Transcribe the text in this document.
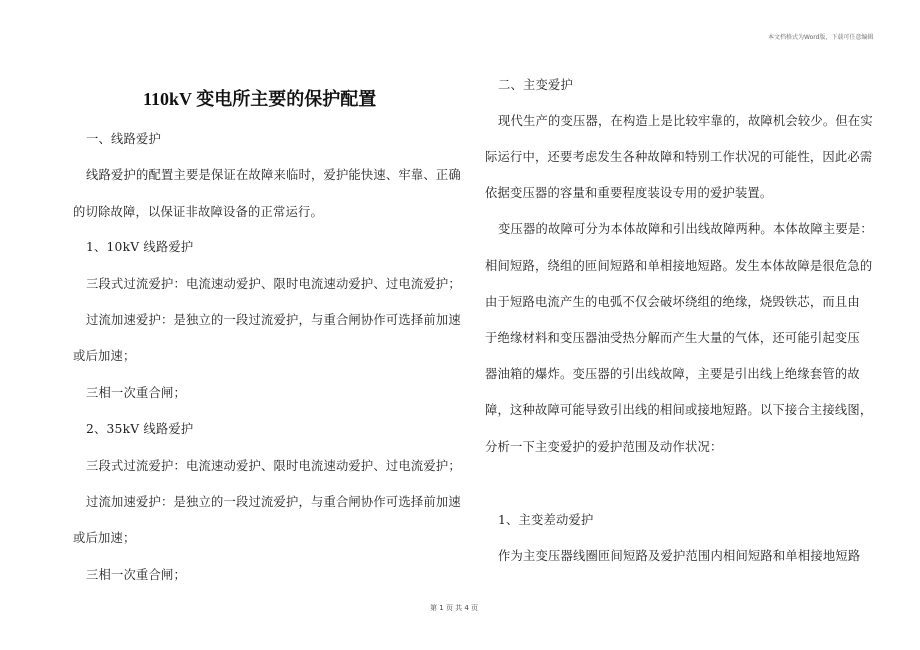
本文档格式为Word版，下载可任意编辑
110kV 变电所主要的保护配置
一、线路爱护
线路爱护的配置主要是保证在故障来临时，爱护能快速、牢靠、正确
的切除故障，以保证非故障设备的正常运行。
1、10kV 线路爱护
三段式过流爱护：电流速动爱护、限时电流速动爱护、过电流爱护；
过流加速爱护：是独立的一段过流爱护，与重合闸协作可选择前加速
或后加速；
三相一次重合闸；
2、35kV 线路爱护
三段式过流爱护：电流速动爱护、限时电流速动爱护、过电流爱护；
过流加速爱护：是独立的一段过流爱护，与重合闸协作可选择前加速
或后加速；
三相一次重合闸；
二、主变爱护
现代生产的变压器，在构造上是比较牢靠的，故障机会较少。但在实
际运行中，还要考虑发生各种故障和特别工作状况的可能性，因此必需
依据变压器的容量和重要程度装设专用的爱护装置。
变压器的故障可分为本体故障和引出线故障两种。本体故障主要是：
相间短路，绕组的匝间短路和单相接地短路。发生本体故障是很危急的
由于短路电流产生的电弧不仅会破坏绕组的绝缘，烧毁铁芯，而且由
于绝缘材料和变压器油受热分解而产生大量的气体，还可能引起变压
器油箱的爆炸。变压器的引出线故障，主要是引出线上绝缘套管的故
障，这种故障可能导致引出线的相间或接地短路。以下接合主接线图，
分析一下主变爱护的爱护范围及动作状况：
1、主变差动爱护
作为主变压器线圈匝间短路及爱护范围内相间短路和单相接地短路
第 1 页 共 4 页
